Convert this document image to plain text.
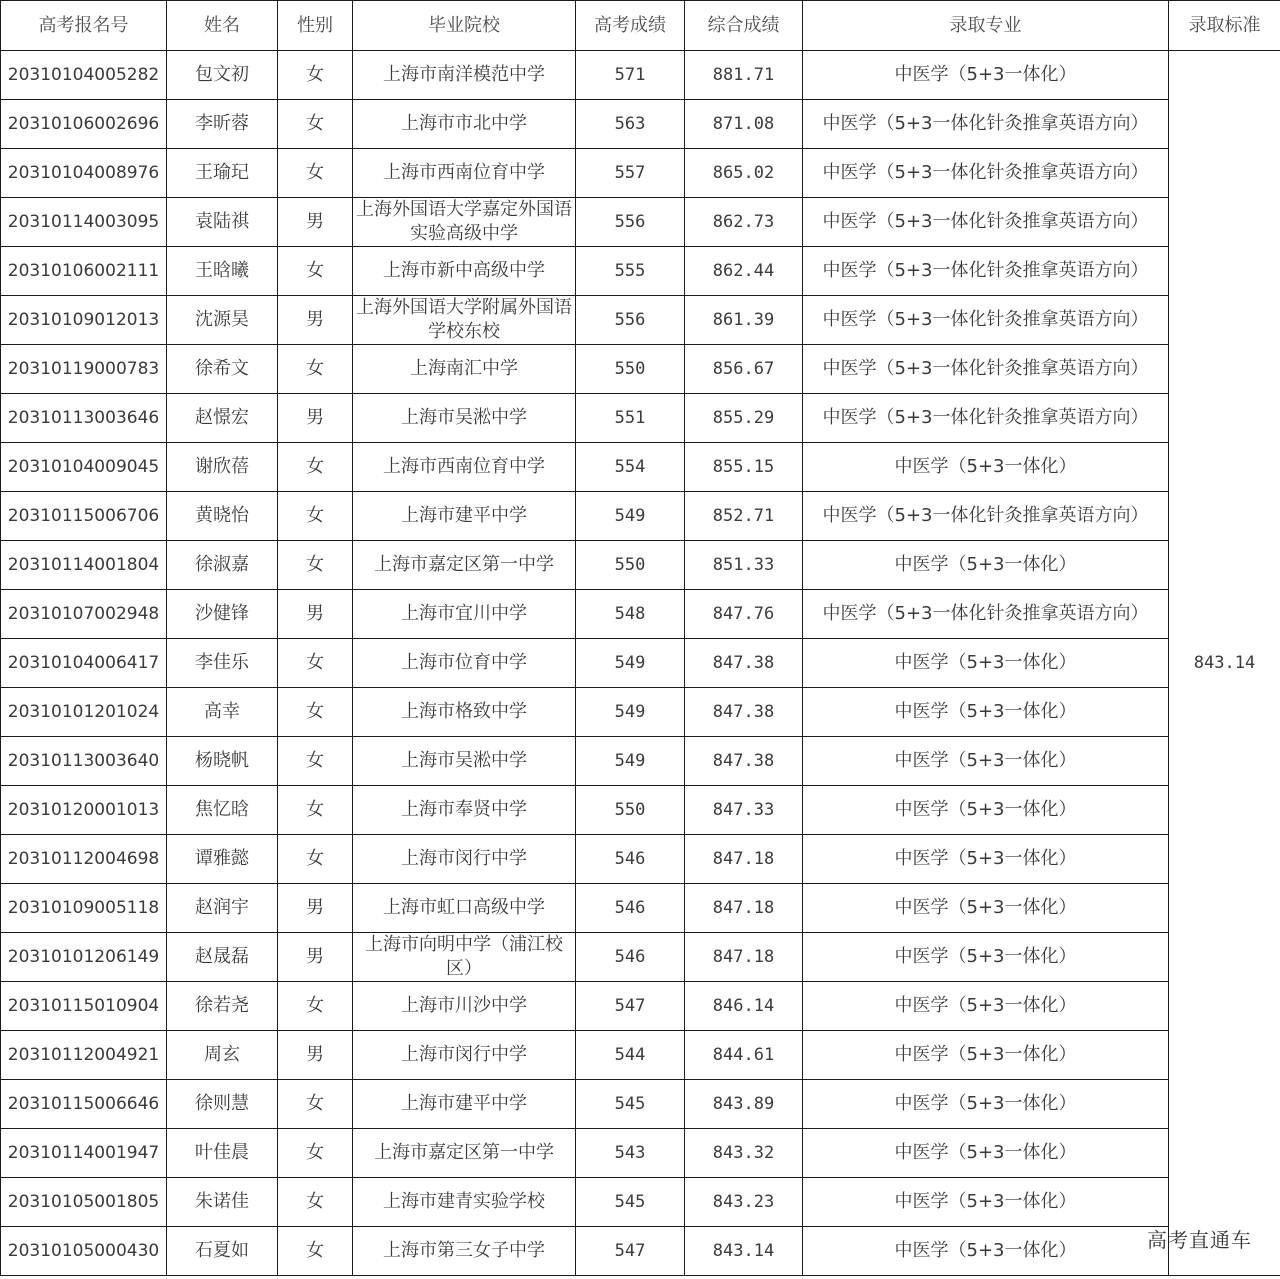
高考报名号	姓名	性别	毕业院校	高考成绩	综合成绩	录取专业	录取标准
20310104005282	包文初	女	上海市南洋模范中学	571	881.71	中医学（5+3一体化）	843.14
20310106002696	李昕蓉	女	上海市市北中学	563	871.08	中医学（5+3一体化针灸推拿英语方向）	
20310104008976	王瑜玘	女	上海市西南位育中学	557	865.02	中医学（5+3一体化针灸推拿英语方向）	
20310114003095	袁陆祺	男	上海外国语大学嘉定外国语实验高级中学	556	862.73	中医学（5+3一体化针灸推拿英语方向）	
20310106002111	王晗曦	女	上海市新中高级中学	555	862.44	中医学（5+3一体化针灸推拿英语方向）	
20310109012013	沈源昊	男	上海外国语大学附属外国语学校东校	556	861.39	中医学（5+3一体化针灸推拿英语方向）	
20310119000783	徐希文	女	上海南汇中学	550	856.67	中医学（5+3一体化针灸推拿英语方向）	
20310113003646	赵憬宏	男	上海市吴淞中学	551	855.29	中医学（5+3一体化针灸推拿英语方向）	
20310104009045	谢欣蓓	女	上海市西南位育中学	554	855.15	中医学（5+3一体化）	
20310115006706	黄晓怡	女	上海市建平中学	549	852.71	中医学（5+3一体化针灸推拿英语方向）	
20310114001804	徐淑嘉	女	上海市嘉定区第一中学	550	851.33	中医学（5+3一体化）	
20310107002948	沙健锋	男	上海市宜川中学	548	847.76	中医学（5+3一体化针灸推拿英语方向）	
20310104006417	李佳乐	女	上海市位育中学	549	847.38	中医学（5+3一体化）	
20310101201024	高幸	女	上海市格致中学	549	847.38	中医学（5+3一体化）	
20310113003640	杨晓帆	女	上海市吴淞中学	549	847.38	中医学（5+3一体化）	
20310120001013	焦忆晗	女	上海市奉贤中学	550	847.33	中医学（5+3一体化）	
20310112004698	谭雅懿	女	上海市闵行中学	546	847.18	中医学（5+3一体化）	
20310109005118	赵润宇	男	上海市虹口高级中学	546	847.18	中医学（5+3一体化）	
20310101206149	赵晟磊	男	上海市向明中学（浦江校区）	546	847.18	中医学（5+3一体化）	
20310115010904	徐若尧	女	上海市川沙中学	547	846.14	中医学（5+3一体化）	
20310112004921	周玄	男	上海市闵行中学	544	844.61	中医学（5+3一体化）	
20310115006646	徐则慧	女	上海市建平中学	545	843.89	中医学（5+3一体化）	
20310114001947	叶佳晨	女	上海市嘉定区第一中学	543	843.32	中医学（5+3一体化）	
20310105001805	朱诺佳	女	上海市建青实验学校	545	843.23	中医学（5+3一体化）	
20310105000430	石夏如	女	上海市第三女子中学	547	843.14	中医学（5+3一体化）		高考直通车
